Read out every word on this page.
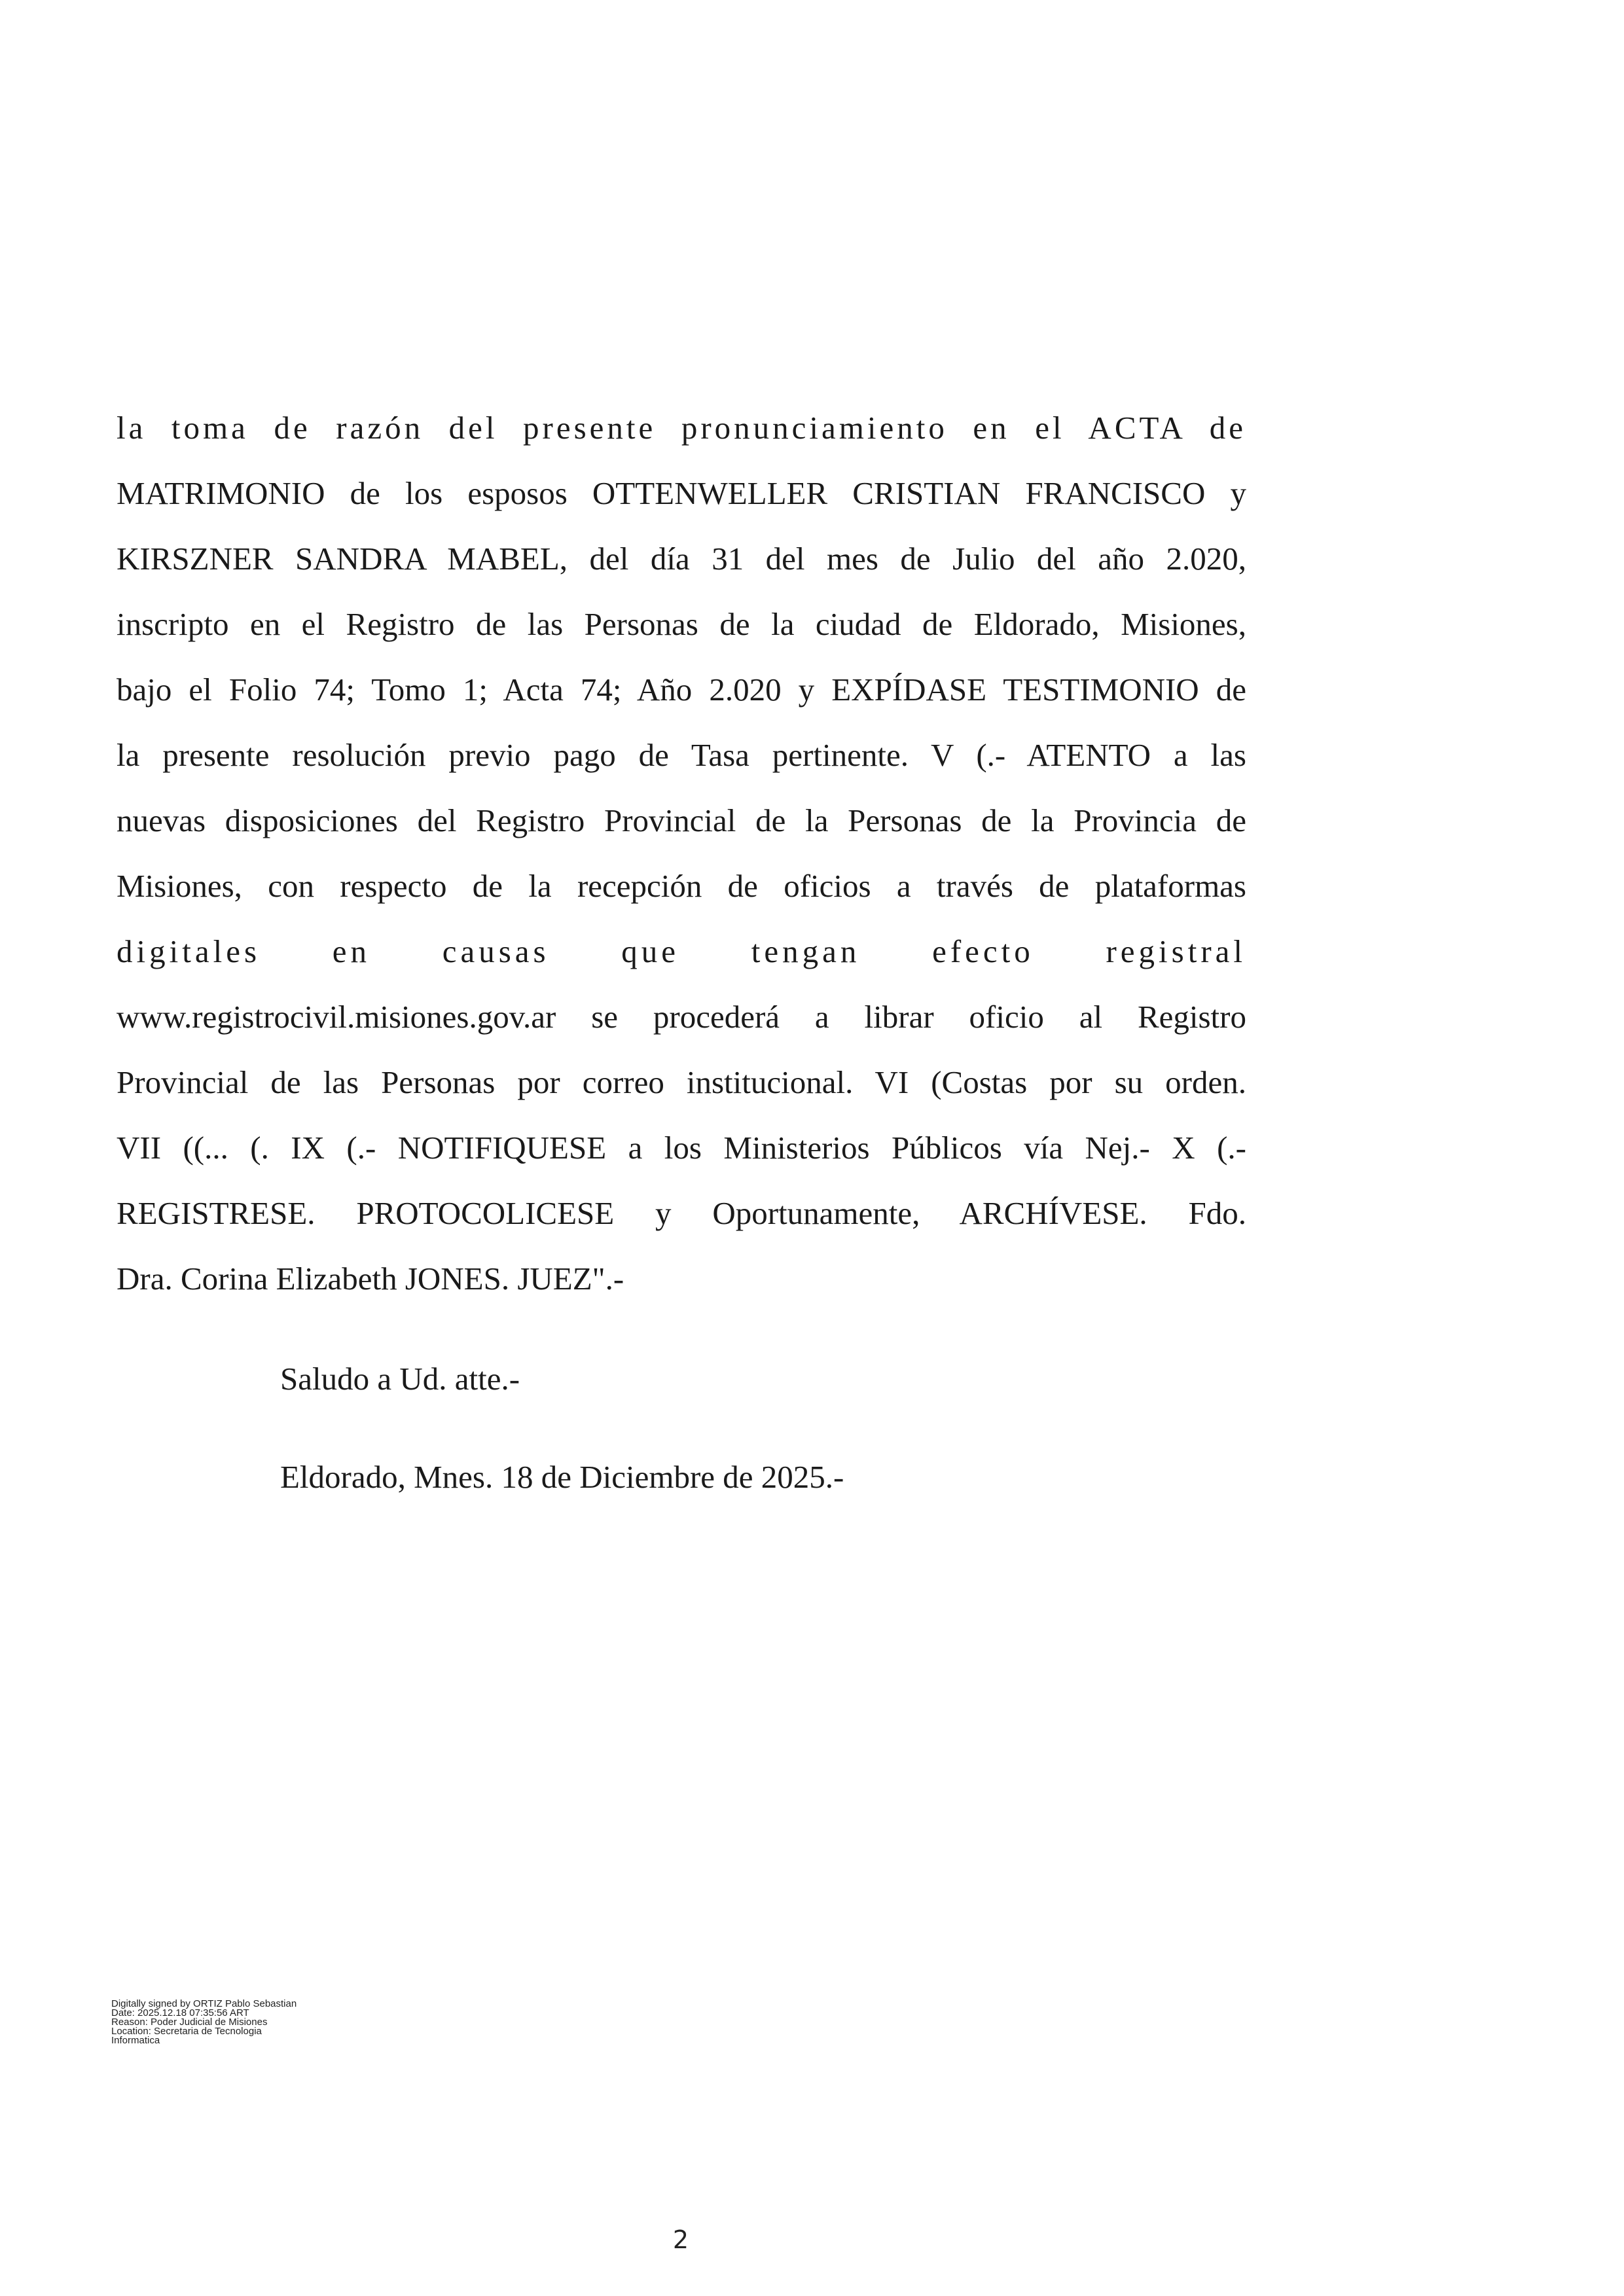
la toma de razón del presente pronunciamiento en el ACTA de
MATRIMONIO de los esposos OTTENWELLER CRISTIAN FRANCISCO y
KIRSZNER SANDRA MABEL, del día 31 del mes de Julio del año 2.020,
inscripto en el Registro de las Personas de la ciudad de Eldorado, Misiones,
bajo el Folio 74; Tomo 1; Acta 74; Año 2.020 y EXPÍDASE TESTIMONIO de
la presente resolución previo pago de Tasa pertinente. V (.- ATENTO a las
nuevas disposiciones del Registro Provincial de la Personas de la Provincia de
Misiones, con respecto de la recepción de oficios a través de plataformas
digitales en causas que tengan efecto registral
www.registrocivil.misiones.gov.ar se procederá a librar oficio al Registro
Provincial de las Personas por correo institucional. VI (Costas por su orden.
VII ((... (. IX (.- NOTIFIQUESE a los Ministerios Públicos vía Nej.- X (.-
REGISTRESE. PROTOCOLICESE y Oportunamente, ARCHÍVESE. Fdo.
Dra. Corina Elizabeth JONES. JUEZ".-
Saludo a Ud. atte.-
Eldorado, Mnes. 18 de Diciembre de 2025.-
Digitally signed by ORTIZ Pablo Sebastian
Date: 2025.12.18 07:35:56 ART
Reason: Poder Judicial de Misiones
Location: Secretaria de Tecnologia
Informatica
2
